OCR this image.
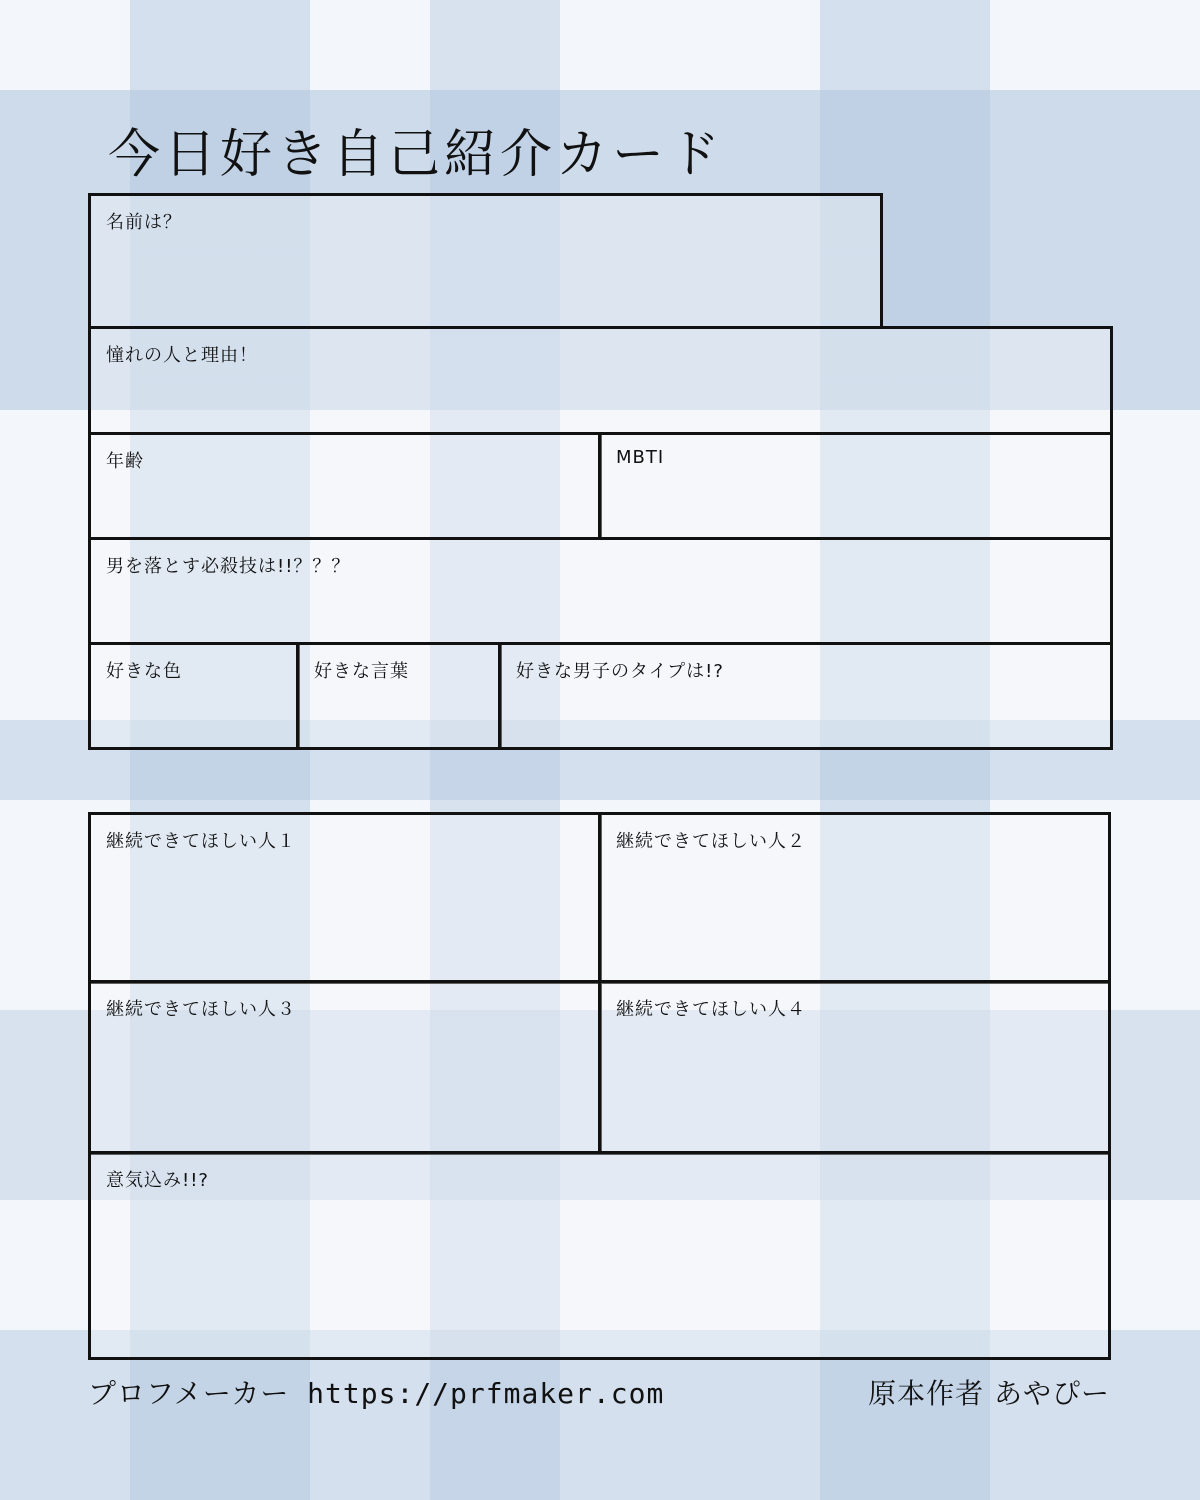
今日好き自己紹介カード
名前は？
憧れの人と理由！
年齢	MBTI
男を落とす必殺技は!!？？？
好きな色	好きな言葉	好きな男子のタイプは!?
継続できてほしい人１	継続できてほしい人２
継続できてほしい人３	継続できてほしい人４
意気込み!!?
プロフメーカー https://prfmaker.com	原本作者 あやぴー
